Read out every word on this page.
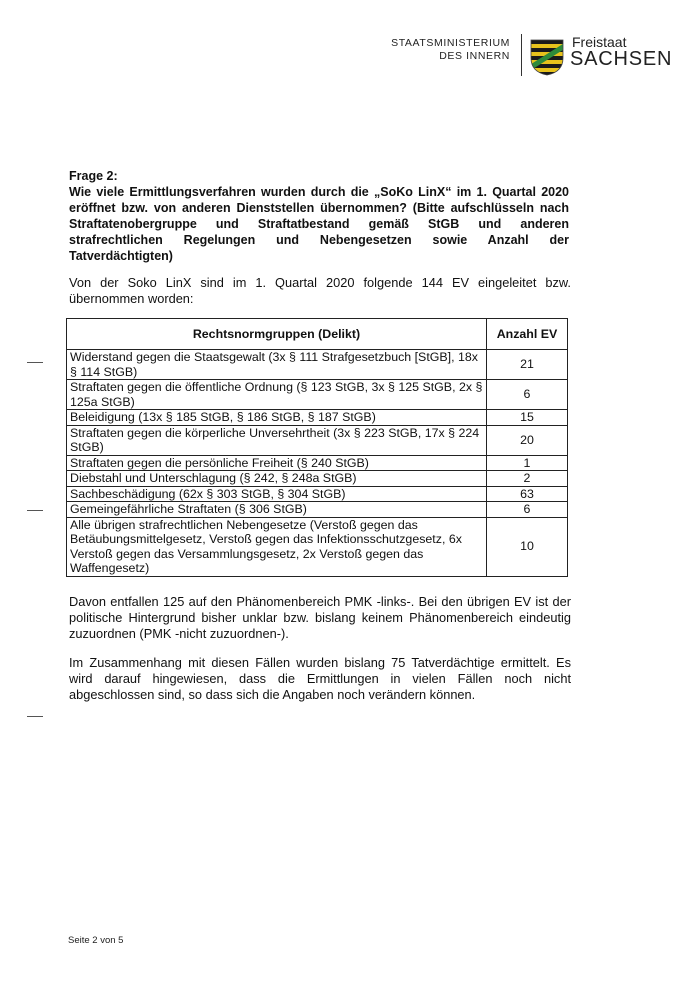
STAATSMINISTERIUM
DES INNERN
Freistaat
SACHSEN
Frage 2:
Wie viele Ermittlungsverfahren wurden durch die „SoKo LinX“ im 1. Quartal 2020 eröffnet bzw. von anderen Dienststellen übernommen? (Bitte aufschlüsseln nach Straftatenobergruppe und Straftatbestand gemäß StGB und anderen strafrechtlichen Regelungen und Nebengesetzen sowie Anzahl der Tatverdächtigten)
Von der Soko LinX sind im 1. Quartal 2020 folgende 144 EV eingeleitet bzw. übernommen worden:
Rechtsnormgruppen (Delikt)	Anzahl EV
Widerstand gegen die Staatsgewalt (3x § 111 Strafgesetzbuch [StGB], 18x § 114 StGB)	21
Straftaten gegen die öffentliche Ordnung (§ 123 StGB, 3x § 125 StGB, 2x § 125a StGB)	6
Beleidigung (13x § 185 StGB, § 186 StGB, § 187 StGB)	15
Straftaten gegen die körperliche Unversehrtheit (3x § 223 StGB, 17x § 224 StGB)	20
Straftaten gegen die persönliche Freiheit (§ 240 StGB)	1
Diebstahl und Unterschlagung (§ 242, § 248a StGB)	2
Sachbeschädigung (62x § 303 StGB, § 304 StGB)	63
Gemeingefährliche Straftaten (§ 306 StGB)	6
Alle übrigen strafrechtlichen Nebengesetze (Verstoß gegen das Betäubungsmittelgesetz, Verstoß gegen das Infektionsschutzgesetz, 6x Verstoß gegen das Versammlungsgesetz, 2x Verstoß gegen das Waffengesetz)	10
Davon entfallen 125 auf den Phänomenbereich PMK -links-. Bei den übrigen EV ist der politische Hintergrund bisher unklar bzw. bislang keinem Phänomenbereich eindeutig zuzuordnen (PMK -nicht zuzuordnen-).
Im Zusammenhang mit diesen Fällen wurden bislang 75 Tatverdächtige ermittelt. Es wird darauf hingewiesen, dass die Ermittlungen in vielen Fällen noch nicht abgeschlossen sind, so dass sich die Angaben noch verändern können.
Seite 2 von 5
